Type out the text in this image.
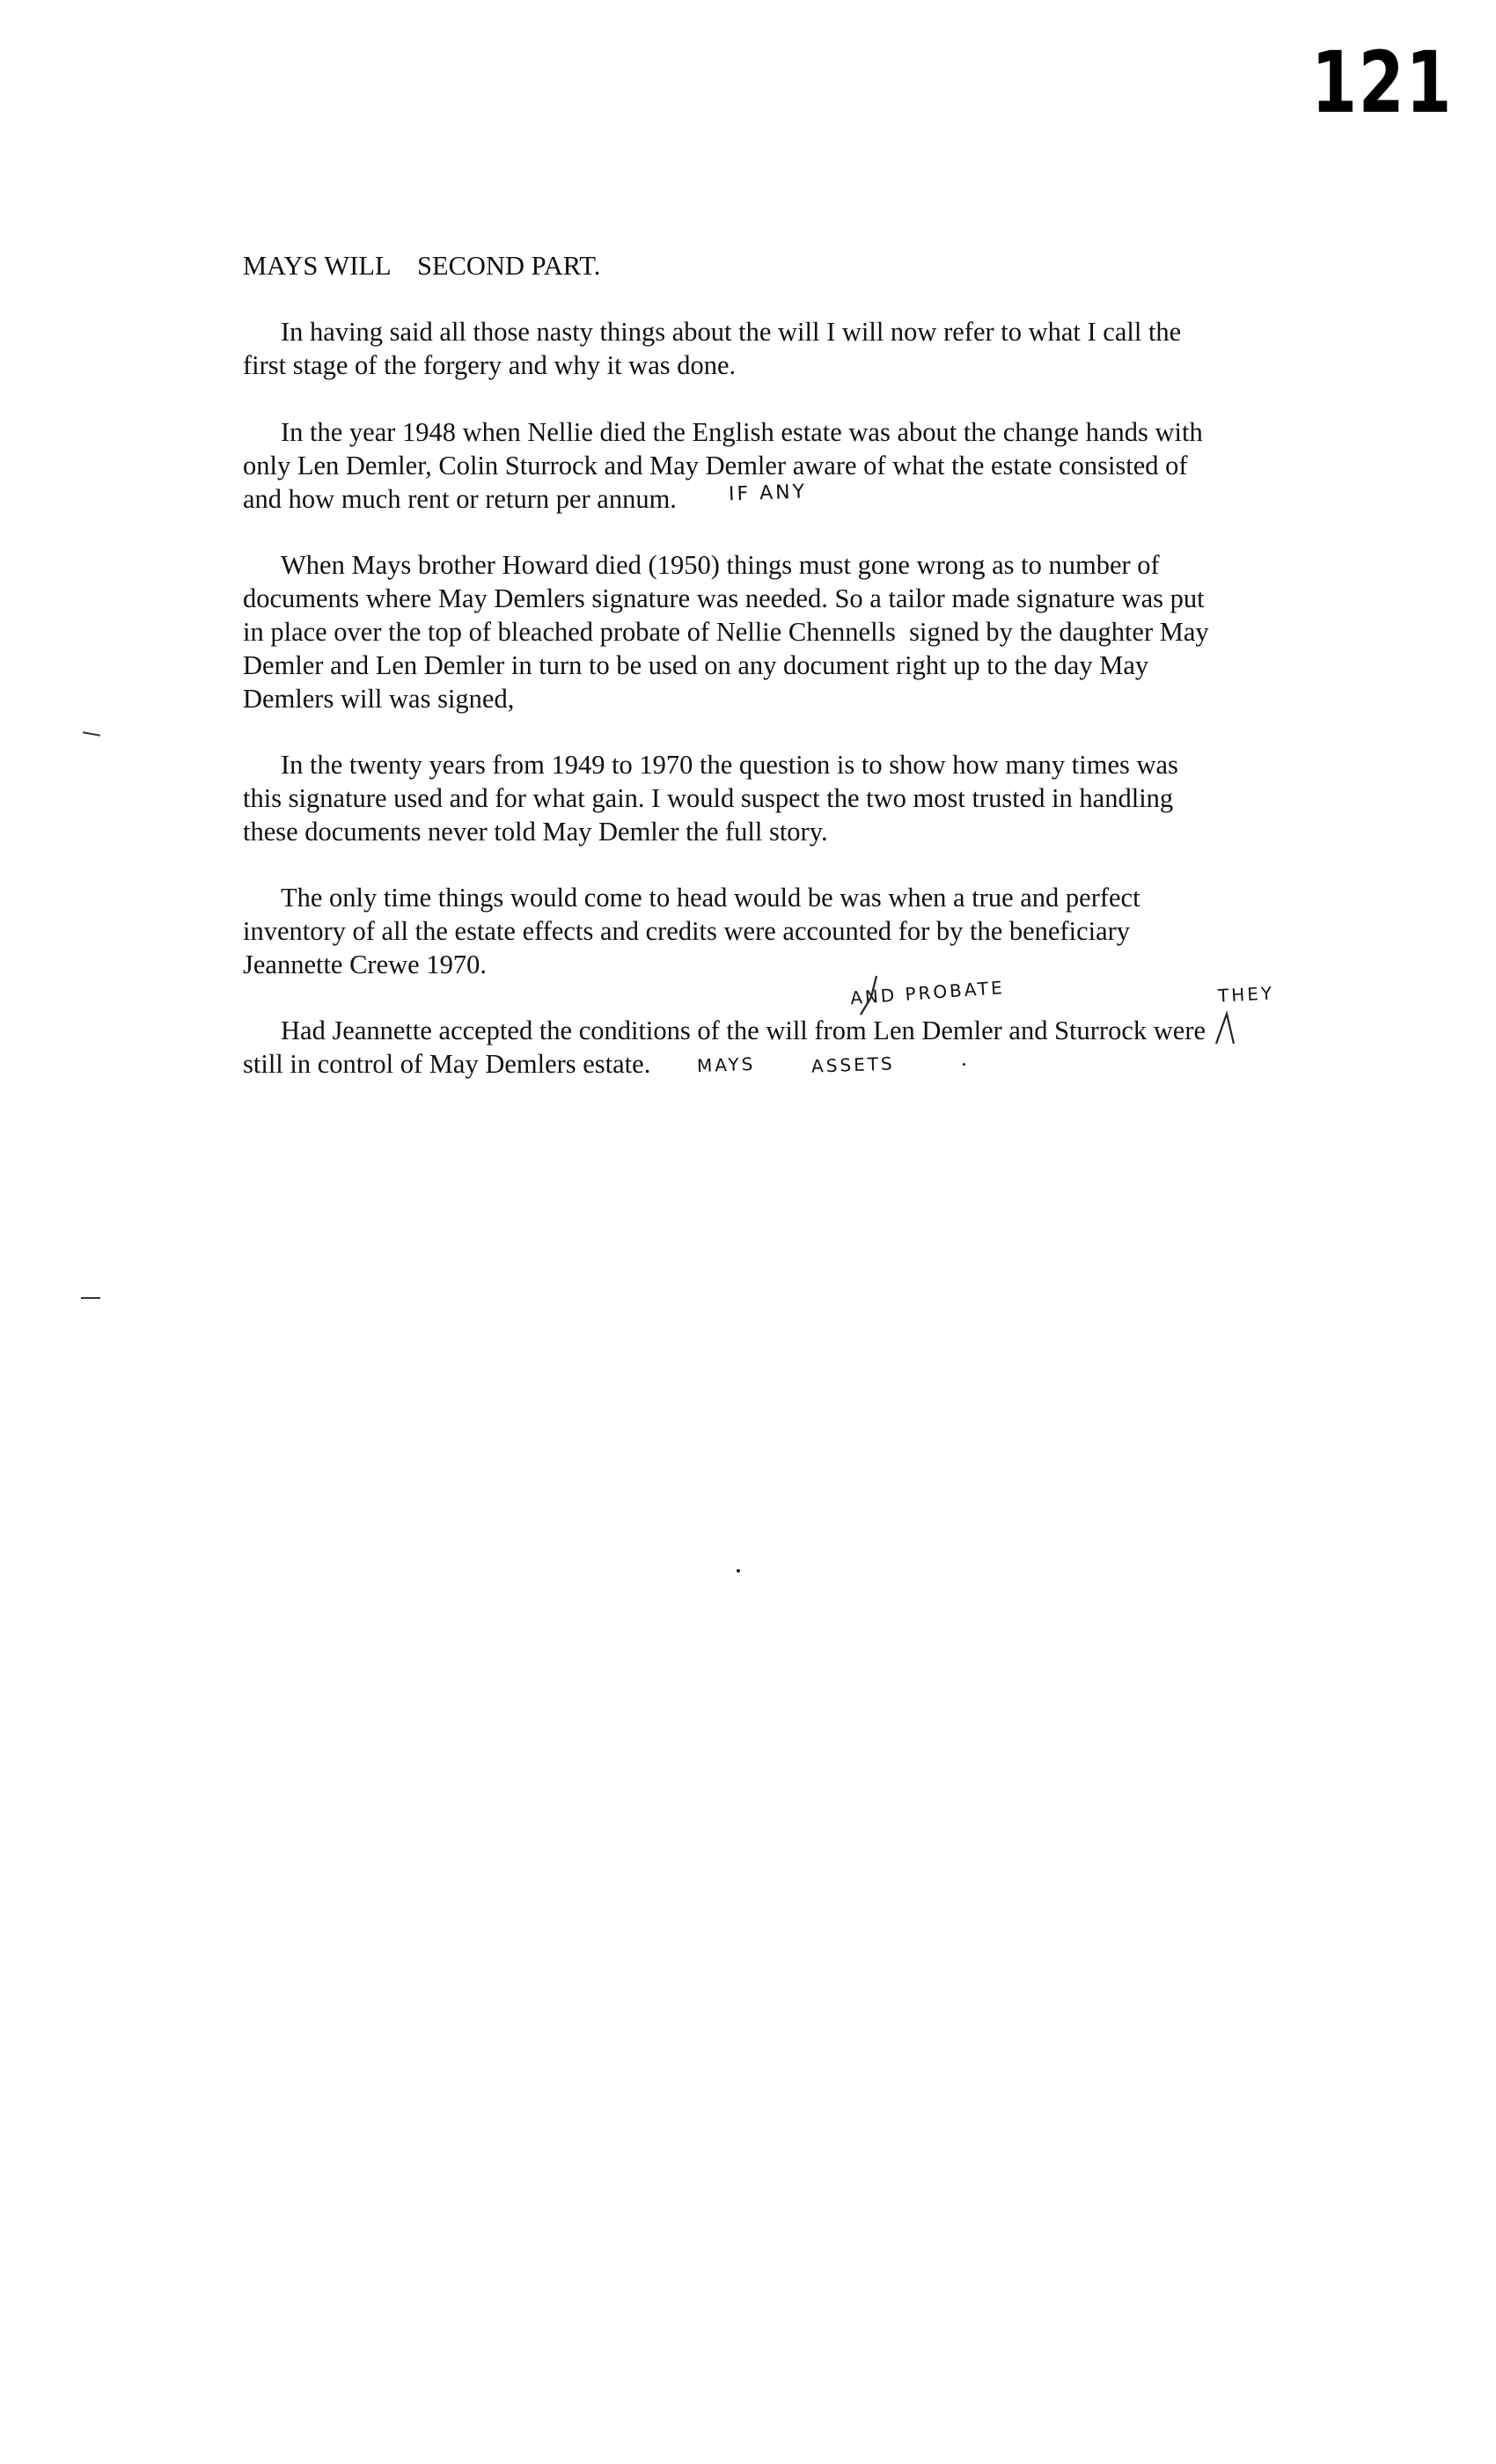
121
MAYS WILL    SECOND PART.
In having said all those nasty things about the will I will now refer to what I call the
first stage of the forgery and why it was done.
In the year 1948 when Nellie died the English estate was about the change hands with
only Len Demler, Colin Sturrock and May Demler aware of what the estate consisted of
and how much rent or return per annum.
When Mays brother Howard died (1950) things must gone wrong as to number of
documents where May Demlers signature was needed. So a tailor made signature was put
in place over the top of bleached probate of Nellie Chennells  signed by the daughter May
Demler and Len Demler in turn to be used on any document right up to the day May
Demlers will was signed,
In the twenty years from 1949 to 1970 the question is to show how many times was
this signature used and for what gain. I would suspect the two most trusted in handling
these documents never told May Demler the full story.
The only time things would come to head would be was when a true and perfect
inventory of all the estate effects and credits were accounted for by the beneficiary
Jeannette Crewe 1970.
Had Jeannette accepted the conditions of the will from Len Demler and Sturrock were
still in control of May Demlers estate.
IF ANY
AND PROBATE	THEY
MAYS	ASSETS
